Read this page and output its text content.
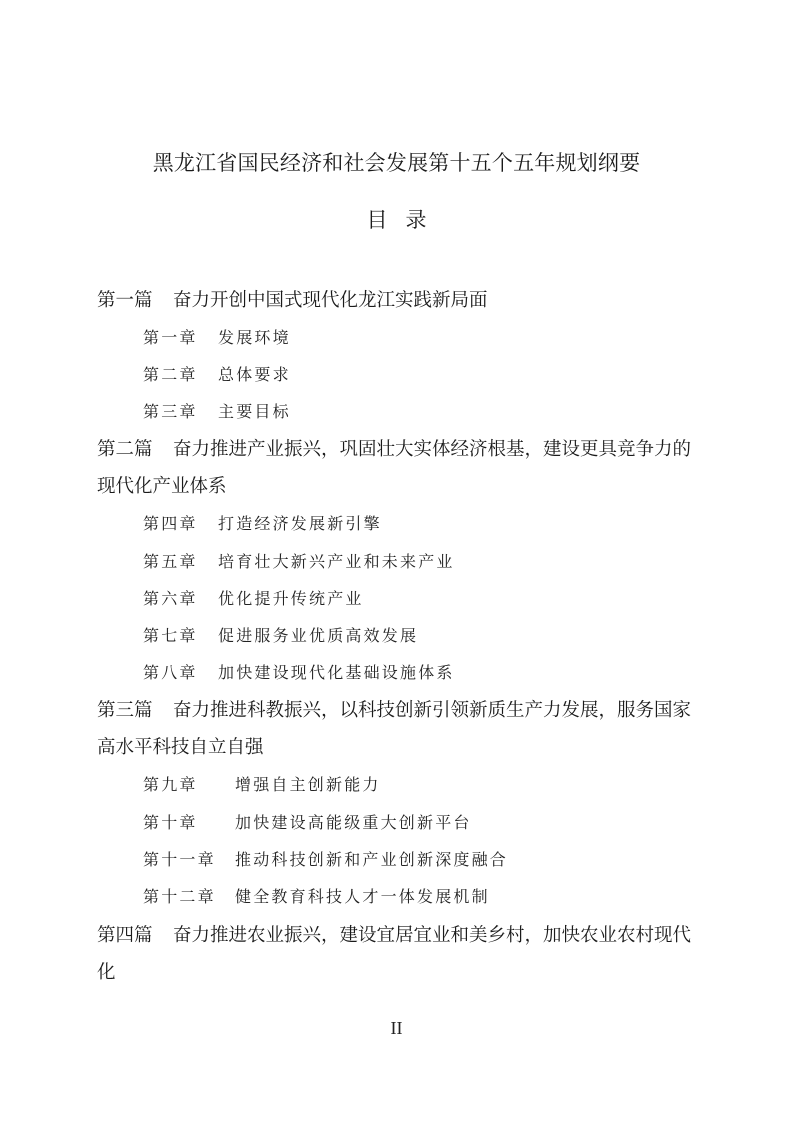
黑龙江省国民经济和社会发展第十五个五年规划纲要
目录
第一篇 奋力开创中国式现代化龙江实践新局面
第一章 发展环境
第二章 总体要求
第三章 主要目标
第二篇 奋力推进产业振兴，巩固壮大实体经济根基，建设更具竞争力的现代化产业体系
第四章 打造经济发展新引擎
第五章 培育壮大新兴产业和未来产业
第六章 优化提升传统产业
第七章 促进服务业优质高效发展
第八章 加快建设现代化基础设施体系
第三篇 奋力推进科教振兴，以科技创新引领新质生产力发展，服务国家高水平科技自立自强
第九章 增强自主创新能力
第十章 加快建设高能级重大创新平台
第十一章 推动科技创新和产业创新深度融合
第十二章 健全教育科技人才一体发展机制
第四篇 奋力推进农业振兴，建设宜居宜业和美乡村，加快农业农村现代化
II
